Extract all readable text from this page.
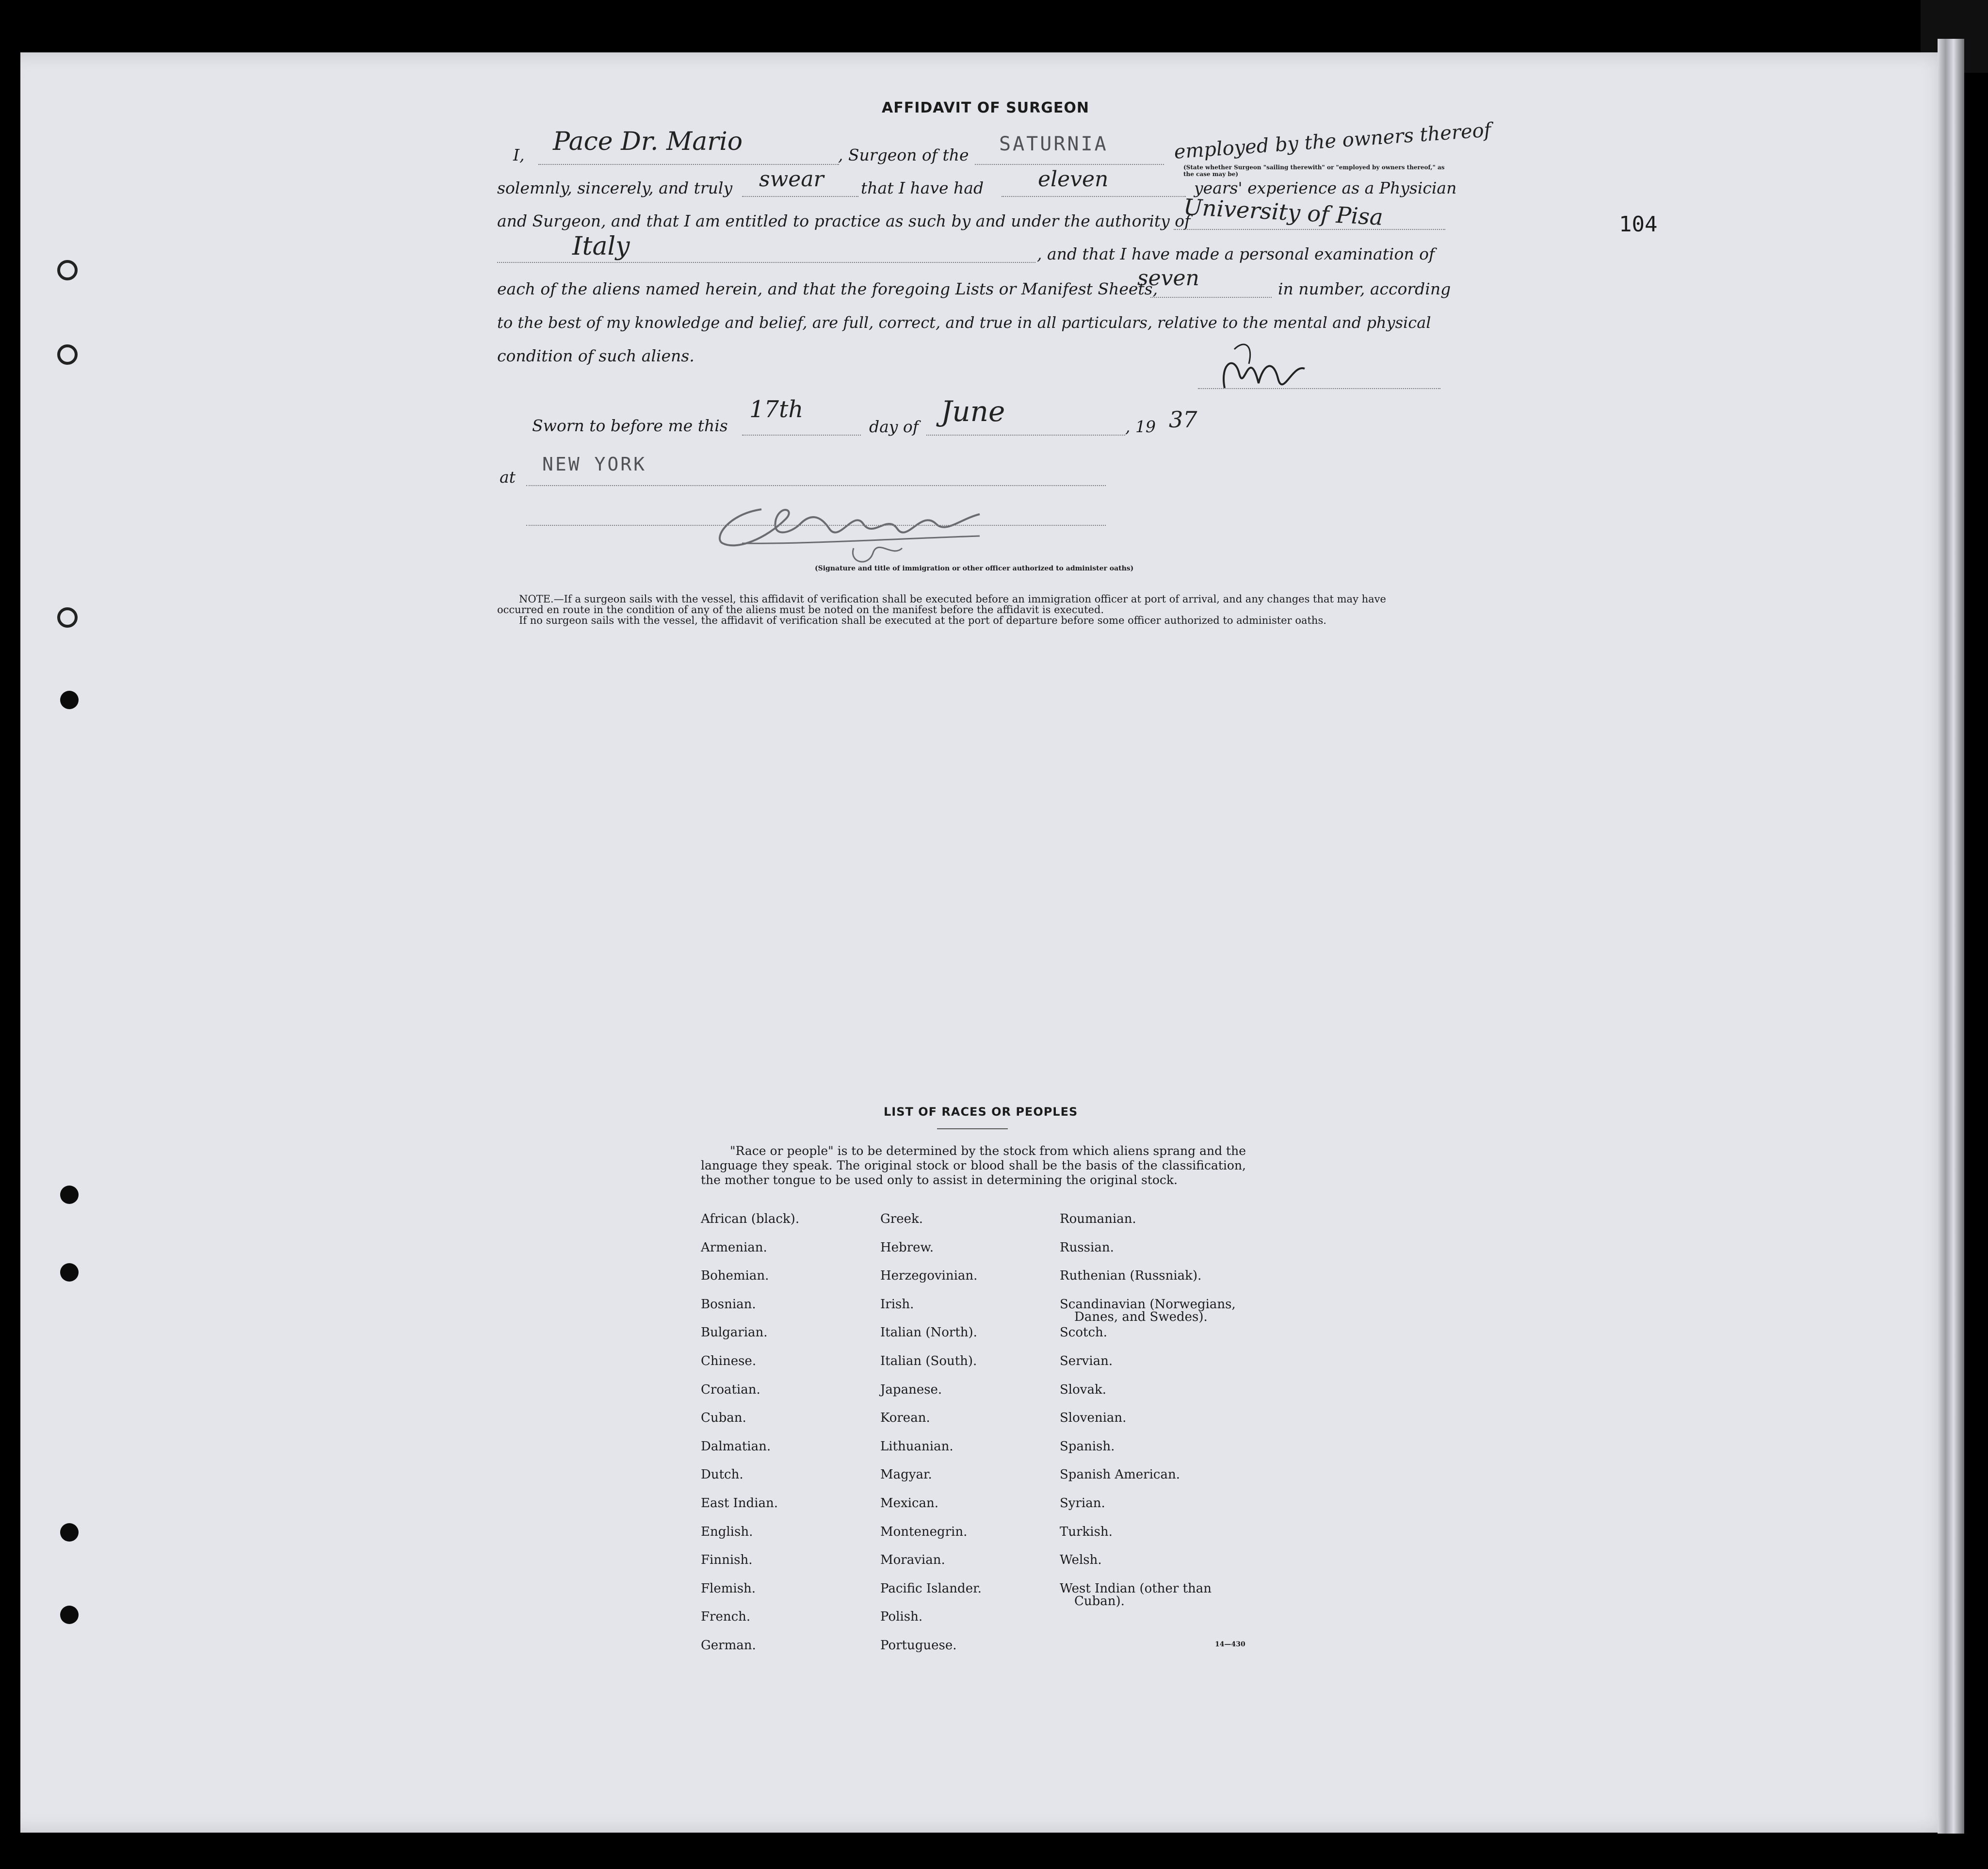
AFFIDAVIT OF SURGEON
104
I, Pace Dr. Mario	, Surgeon of the SATURNIA	employed by the owners thereof
(State whether Surgeon "sailing therewith" or "employed by owners thereof," as the case may be)
solemnly, sincerely, and truly swear that I have had	eleven	years' experience as a Physician
and Surgeon, and that I am entitled to practice as such by and under the authority of
University of Pisa
Italy	, and that I have made a personal examination of
each of the aliens named herein, and that the foregoing Lists or Manifest Sheets,
seven	in number, according
to the best of my knowledge and belief, are full, correct, and true in all particulars, relative to the mental and physical
condition of such aliens.
Sworn to before me this
17th
day of June	, 19 37
at
NEW YORK
(Signature and title of immigration or other officer authorized to administer oaths)
NOTE.—If a surgeon sails with the vessel, this affidavit of verification shall be executed before an immigration officer at port of arrival, and any changes that may have
occurred en route in the condition of any of the aliens must be noted on the manifest before the affidavit is executed.
If no surgeon sails with the vessel, the affidavit of verification shall be executed at the port of departure before some officer authorized to administer oaths.
LIST OF RACES OR PEOPLES
"Race or people" is to be determined by the stock from which aliens sprang and the language they speak. The original stock or blood shall be the basis of the classification, the mother tongue to be used only to assist in determining the original stock.
African (black).
Armenian.
Bohemian.
Bosnian.
Bulgarian.
Chinese.
Croatian.
Cuban.
Dalmatian.
Dutch.
East Indian.
English.
Finnish.
Flemish.
French.
German.
Greek.
Hebrew.
Herzegovinian.
Irish.
Italian (North).
Italian (South).
Japanese.
Korean.
Lithuanian.
Magyar.
Mexican.
Montenegrin.
Moravian.
Pacific Islander.
Polish.
Portuguese.
Roumanian.
Russian.
Ruthenian (Russniak).
Scandinavian (Norwegians,
Danes, and Swedes).
Scotch.
Servian.
Slovak.
Slovenian.
Spanish.
Spanish American.
Syrian.
Turkish.
Welsh.
West Indian (other than
Cuban).
14—430
